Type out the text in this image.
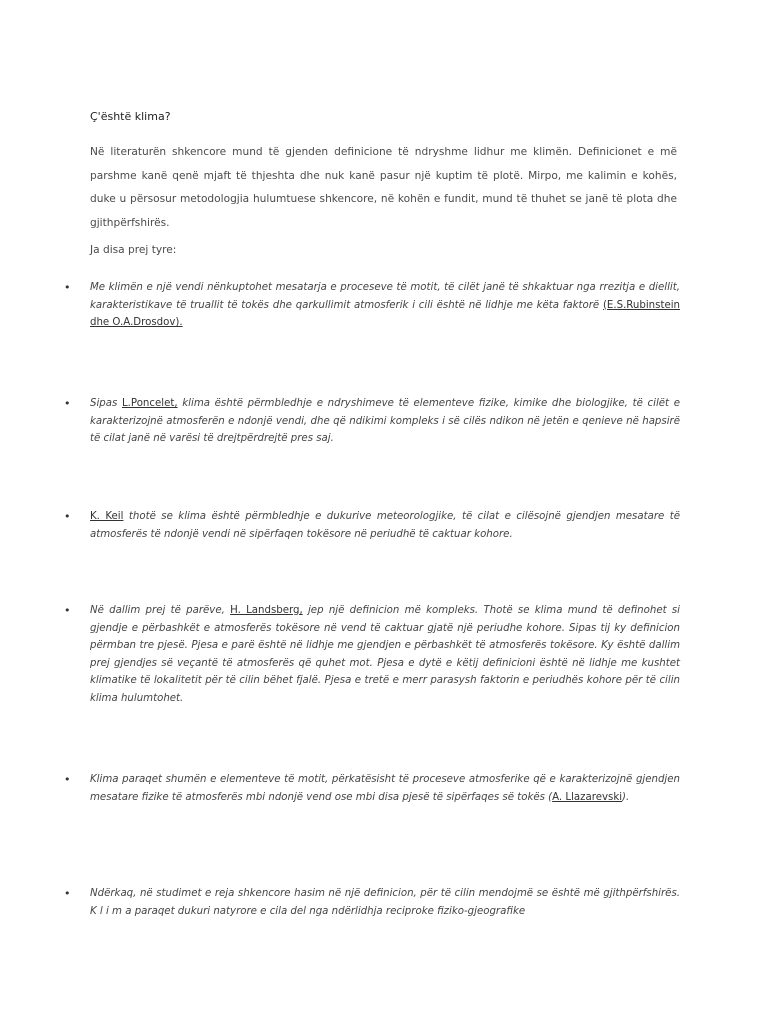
Ç'është klima?

Në literaturën shkencore mund të gjenden definicione të ndryshme lidhur me klimën. Definicionet e më parshme kanë qenë mjaft të thjeshta dhe nuk kanë pasur një kuptim të plotë. Mirpo, me kalimin e kohës, duke u përsosur metodologjia hulumtuese shkencore, në kohën e fundit, mund të thuhet se janë të plota dhe gjithpërfshirës.

Ja disa prej tyre:

•	Me klimën e një vendi nënkuptohet mesatarja e proceseve të motit, të cilët janë të shkaktuar nga rrezitja e diellit, karakteristikave të truallit të tokës dhe qarkullimit atmosferik i cili është në lidhje me këta faktorë (E.S.Rubinstein dhe O.A.Drosdov).

•	Sipas L.Poncelet, klima është përmbledhje e ndryshimeve të elementeve fizike, kimike dhe biologjike, të cilët e karakterizojnë atmosferën e ndonjë vendi, dhe që ndikimi kompleks i së cilës ndikon në jetën e qenieve në hapsirë të cilat janë në varësi të drejtpërdrejtë pres saj.

•	K. Keil thotë se klima është përmbledhje e dukurive meteorologjike, të cilat e cilësojnë gjendjen mesatare të atmosferës të ndonjë vendi në sipërfaqen tokësore në periudhë të caktuar kohore.

•	Në dallim prej të parëve, H. Landsberg, jep një definicion më kompleks. Thotë se klima mund të definohet si gjendje e përbashkët e atmosferës tokësore në vend të caktuar gjatë një periudhe kohore. Sipas tij ky definicion përmban tre pjesë. Pjesa e parë është në lidhje me gjendjen e përbashkët të atmosferës tokësore. Ky është dallim prej gjendjes së veçantë të atmosferës që quhet mot. Pjesa e dytë e këtij definicioni është në lidhje me kushtet klimatike të lokalitetit për të cilin bëhet fjalë. Pjesa e tretë e merr parasysh faktorin e periudhës kohore për të cilin klima hulumtohet.

•	Klima paraqet shumën e elementeve të motit, përkatësisht të proceseve atmosferike që e karakterizojnë gjendjen mesatare fizike të atmosferës mbi ndonjë vend ose mbi disa pjesë të sipërfaqes së tokës (A. Llazarevski).

•	Ndërkaq, në studimet e reja shkencore hasim në një definicion, për të cilin mendojmë se është më gjithpërfshirës. K l i m a paraqet dukuri natyrore e cila del nga ndërlidhja reciproke fiziko-gjeografike
